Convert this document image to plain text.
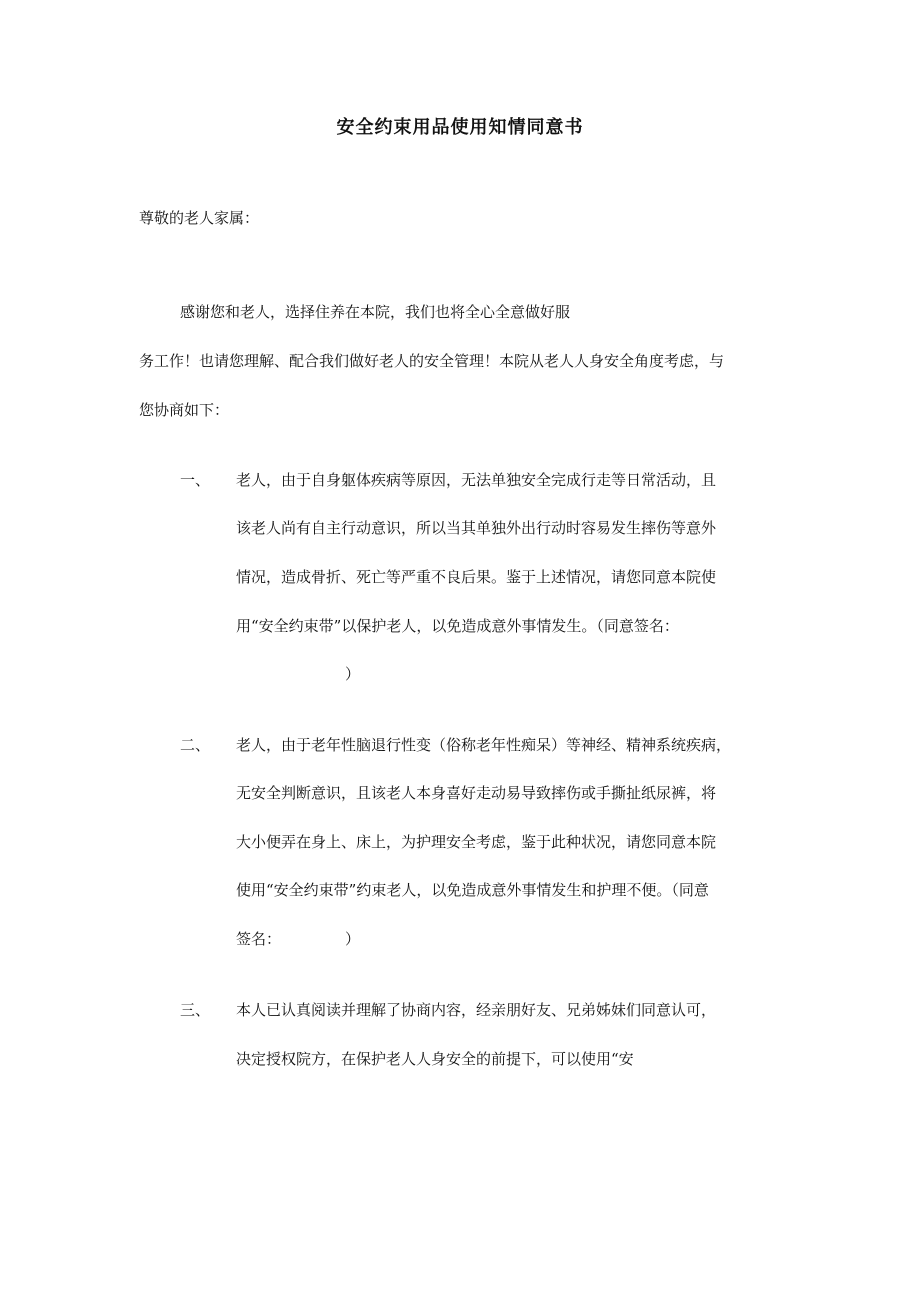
安全约束用品使用知情同意书
尊敬的老人家属：
感谢您和老人，选择住养在本院，我们也将全心全意做好服
务工作！也请您理解、配合我们做好老人的安全管理！本院从老人人身安全角度考虑，与
您协商如下：
一、 老人，由于自身躯体疾病等原因，无法单独安全完成行走等日常活动，且
该老人尚有自主行动意识，所以当其单独外出行动时容易发生摔伤等意外
情况，造成骨折、死亡等严重不良后果。鉴于上述情况，请您同意本院使
用“安全约束带”以保护老人，以免造成意外事情发生。（同意签名：
）
二、 老人，由于老年性脑退行性变（俗称老年性痴呆）等神经、精神系统疾病，
无安全判断意识，且该老人本身喜好走动易导致摔伤或手撕扯纸尿裤，将
大小便弄在身上、床上，为护理安全考虑，鉴于此种状况，请您同意本院
使用“安全约束带”约束老人，以免造成意外事情发生和护理不便。（同意
签名：	）
三、 本人已认真阅读并理解了协商内容，经亲朋好友、兄弟姊妹们同意认可，
决定授权院方，在保护老人人身安全的前提下，可以使用“安
